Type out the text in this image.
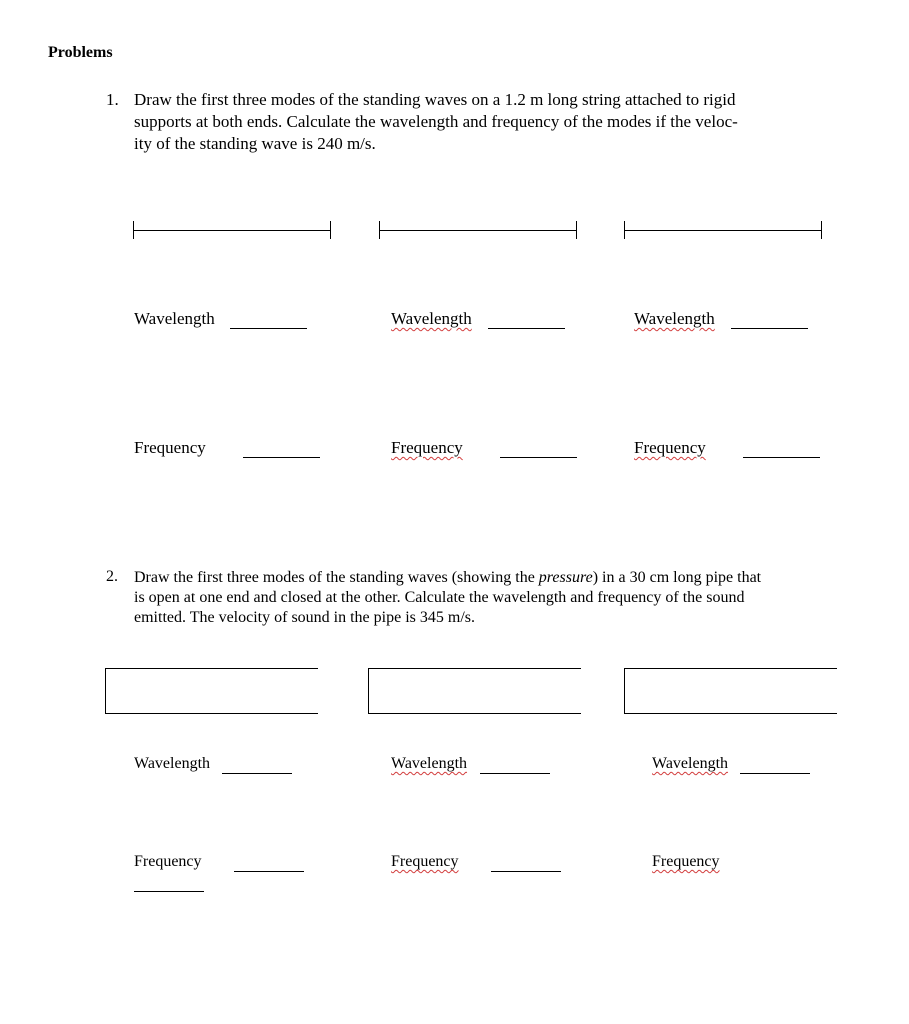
Problems
1. Draw the first three modes of the standing waves on a 1.2 m long string attached to rigid
supports at both ends. Calculate the wavelength and frequency of the modes if the veloc-
ity of the standing wave is 240 m/s.
Wavelength	Wavelength	Wavelength
Frequency	Frequency	Frequency
2. Draw the first three modes of the standing waves (showing the pressure) in a 30 cm long pipe that
is open at one end and closed at the other. Calculate the wavelength and frequency of the sound
emitted. The velocity of sound in the pipe is 345 m/s.
Wavelength	Wavelength	Wavelength
Frequency	Frequency	Frequency
